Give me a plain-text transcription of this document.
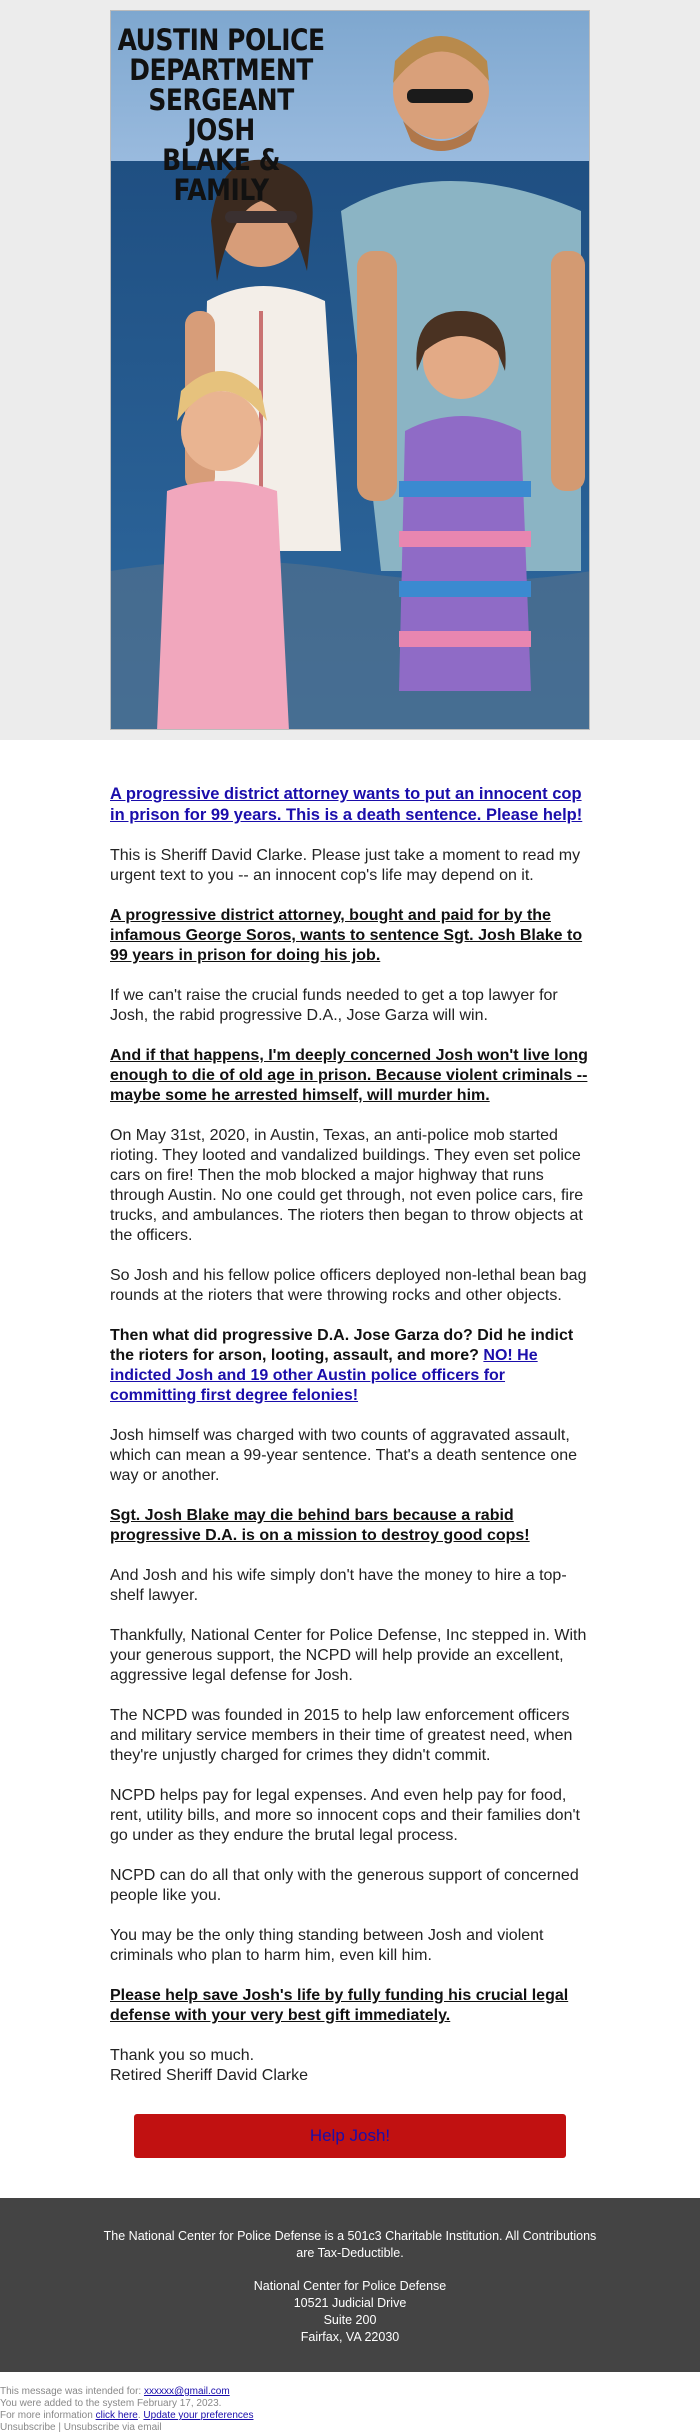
AUSTIN POLICE
DEPARTMENT
SERGEANT JOSH
BLAKE & FAMILY

A progressive district attorney wants to put an innocent cop in prison for 99 years. This is a death sentence. Please help!

This is Sheriff David Clarke. Please just take a moment to read my urgent text to you -- an innocent cop's life may depend on it.

A progressive district attorney, bought and paid for by the infamous George Soros, wants to sentence Sgt. Josh Blake to 99 years in prison for doing his job.

If we can't raise the crucial funds needed to get a top lawyer for Josh, the rabid progressive D.A., Jose Garza will win.

And if that happens, I'm deeply concerned Josh won't live long enough to die of old age in prison. Because violent criminals -- maybe some he arrested himself, will murder him.

On May 31st, 2020, in Austin, Texas, an anti-police mob started rioting. They looted and vandalized buildings. They even set police cars on fire! Then the mob blocked a major highway that runs through Austin. No one could get through, not even police cars, fire trucks, and ambulances. The rioters then began to throw objects at the officers.

So Josh and his fellow police officers deployed non-lethal bean bag rounds at the rioters that were throwing rocks and other objects.

Then what did progressive D.A. Jose Garza do? Did he indict the rioters for arson, looting, assault, and more? NO! He indicted Josh and 19 other Austin police officers for committing first degree felonies!

Josh himself was charged with two counts of aggravated assault, which can mean a 99-year sentence. That's a death sentence one way or another.

Sgt. Josh Blake may die behind bars because a rabid progressive D.A. is on a mission to destroy good cops!

And Josh and his wife simply don't have the money to hire a top-shelf lawyer.

Thankfully, National Center for Police Defense, Inc stepped in. With your generous support, the NCPD will help provide an excellent, aggressive legal defense for Josh.

The NCPD was founded in 2015 to help law enforcement officers and military service members in their time of greatest need, when they're unjustly charged for crimes they didn't commit.

NCPD helps pay for legal expenses. And even help pay for food, rent, utility bills, and more so innocent cops and their families don't go under as they endure the brutal legal process.

NCPD can do all that only with the generous support of concerned people like you.

You may be the only thing standing between Josh and violent criminals who plan to harm him, even kill him.

Please help save Josh's life by fully funding his crucial legal defense with your very best gift immediately.

Thank you so much.
Retired Sheriff David Clarke

Help Josh!

The National Center for Police Defense is a 501c3 Charitable Institution. All Contributions are Tax-Deductible.

National Center for Police Defense

10521 Judicial Drive

Suite 200

Fairfax, VA 22030

This message was intended for: xxxxxx@gmail.com
You were added to the system February 17, 2023.
For more information click here. Update your preferences
Unsubscribe | Unsubscribe via email
